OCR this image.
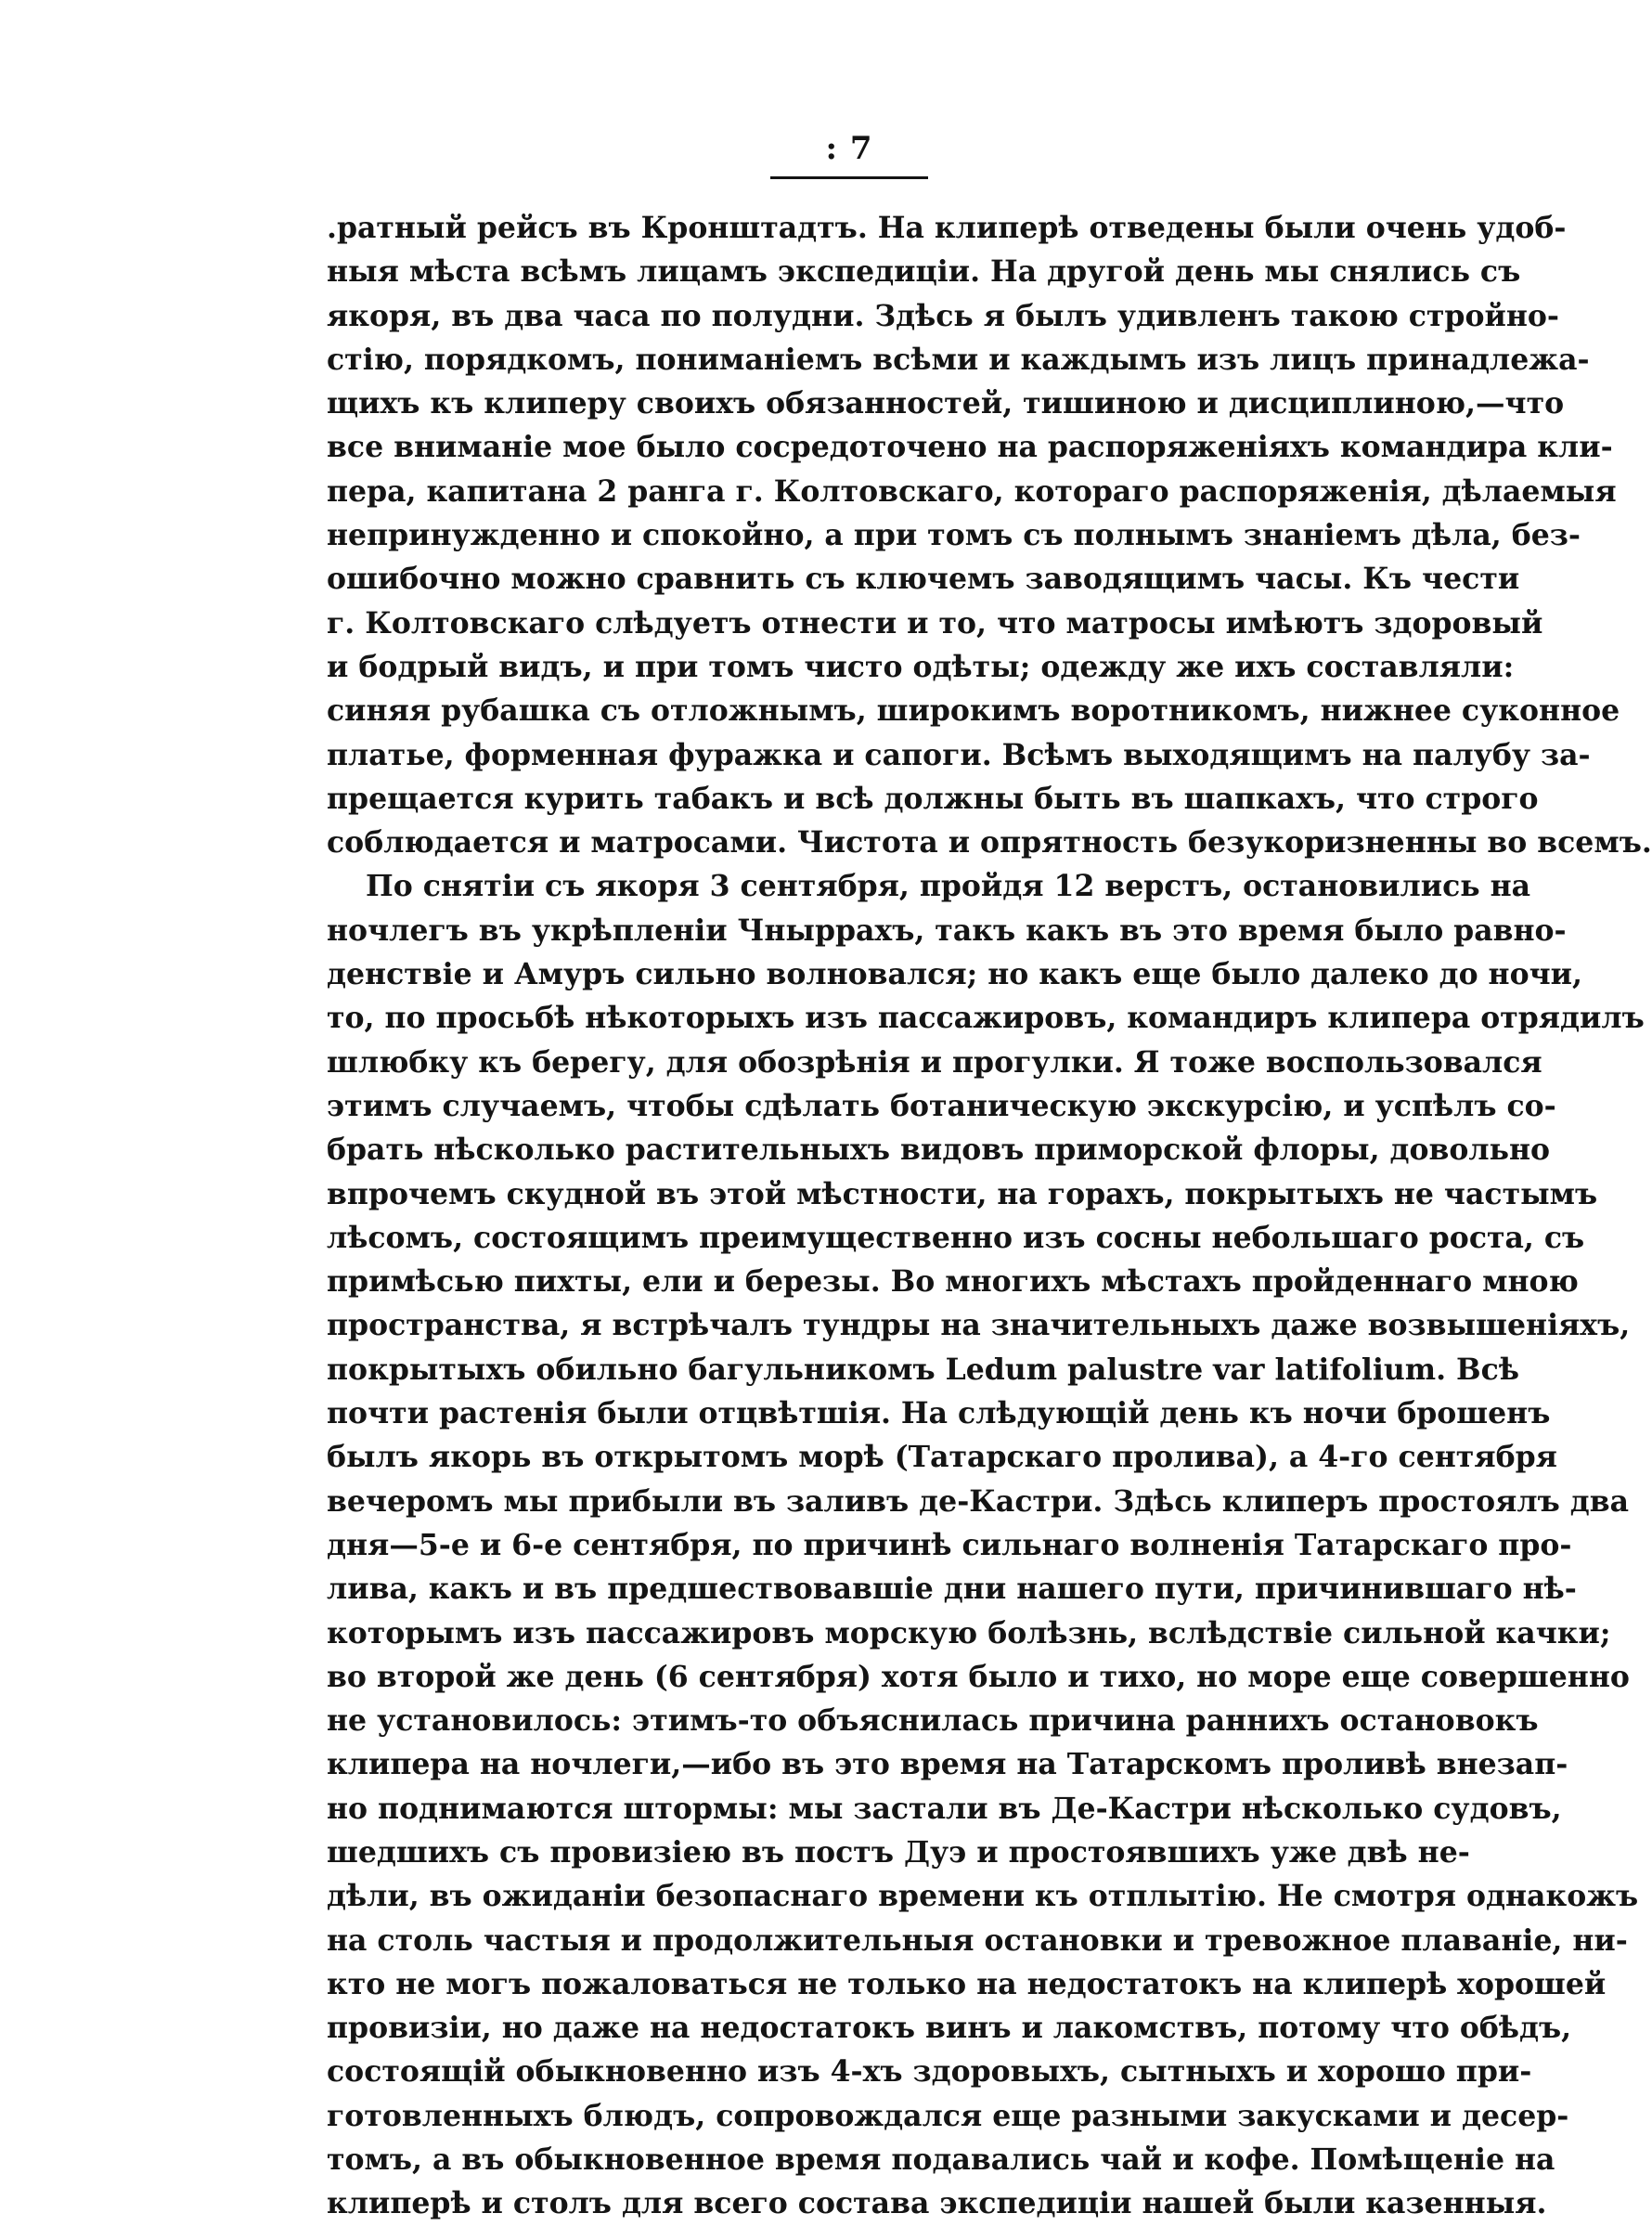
: 7
.ратный рейсъ въ Кронштадтъ. На клиперѣ отведены были очень удоб-
ныя мѣста всѣмъ лицамъ экспедиціи. На другой день мы снялись съ
якоря, въ два часа по полудни. Здѣсь я былъ удивленъ такою стройно-
стію, порядкомъ, пониманіемъ всѣми и каждымъ изъ лицъ принадлежа-
щихъ къ клиперу своихъ обязанностей, тишиною и дисциплиною,—что
все вниманіе мое было сосредоточено на распоряженіяхъ командира кли-
пера, капитана 2 ранга г. Колтовскаго, котораго распоряженія, дѣлаемыя
непринужденно и спокойно, а при томъ съ полнымъ знаніемъ дѣла, без-
ошибочно можно сравнить съ ключемъ заводящимъ часы. Къ чести
г. Колтовскаго слѣдуетъ отнести и то, что матросы имѣютъ здоровый
и бодрый видъ, и при томъ чисто одѣты; одежду же ихъ составляли:
синяя рубашка съ отложнымъ, широкимъ воротникомъ, нижнее суконное
платье, форменная фуражка и сапоги. Всѣмъ выходящимъ на палубу за-
прещается курить табакъ и всѣ должны быть въ шапкахъ, что строго
соблюдается и матросами. Чистота и опрятность безукоризненны во всемъ.
По снятіи съ якоря 3 сентября, пройдя 12 верстъ, остановились на
ночлегъ въ укрѣпленіи Чныррахъ, такъ какъ въ это время было равно-
денствіе и Амуръ сильно волновался; но какъ еще было далеко до ночи,
то, по просьбѣ нѣкоторыхъ изъ пассажировъ, командиръ клипера отрядилъ
шлюбку къ берегу, для обозрѣнія и прогулки. Я тоже воспользовался
этимъ случаемъ, чтобы сдѣлать ботаническую экскурсію, и успѣлъ со-
брать нѣсколько растительныхъ видовъ приморской флоры, довольно
впрочемъ скудной въ этой мѣстности, на горахъ, покрытыхъ не частымъ
лѣсомъ, состоящимъ преимущественно изъ сосны небольшаго роста, съ
примѣсью пихты, ели и березы. Во многихъ мѣстахъ пройденнаго мною
пространства, я встрѣчалъ тундры на значительныхъ даже возвышеніяхъ,
покрытыхъ обильно багульникомъ Ledum palustre var latifolium. Всѣ
почти растенія были отцвѣтшія. На слѣдующій день къ ночи брошенъ
былъ якорь въ открытомъ морѣ (Татарскаго пролива), а 4-го сентября
вечеромъ мы прибыли въ заливъ де-Кастри. Здѣсь клиперъ простоялъ два
дня—5-е и 6-е сентября, по причинѣ сильнаго волненія Татарскаго про-
лива, какъ и въ предшествовавшіе дни нашего пути, причинившаго нѣ-
которымъ изъ пассажировъ морскую болѣзнь, вслѣдствіе сильной качки;
во второй же день (6 сентября) хотя было и тихо, но море еще совершенно
не установилось: этимъ-то объяснилась причина раннихъ остановокъ
клипера на ночлеги,—ибо въ это время на Татарскомъ проливѣ внезап-
но поднимаются штормы: мы застали въ Де-Кастри нѣсколько судовъ,
шедшихъ съ провизіею въ постъ Дуэ и простоявшихъ уже двѣ не-
дѣли, въ ожиданіи безопаснаго времени къ отплытію. Не смотря однакожъ
на столь частыя и продолжительныя остановки и тревожное плаваніе, ни-
кто не могъ пожаловаться не только на недостатокъ на клиперѣ хорошей
провизіи, но даже на недостатокъ винъ и лакомствъ, потому что обѣдъ,
состоящій обыкновенно изъ 4-хъ здоровыхъ, сытныхъ и хорошо при-
готовленныхъ блюдъ, сопровождался еще разными закусками и десер-
томъ, а въ обыкновенное время подавались чай и кофе. Помѣщеніе на
клиперѣ и столъ для всего состава экспедиціи нашей были казенныя.
